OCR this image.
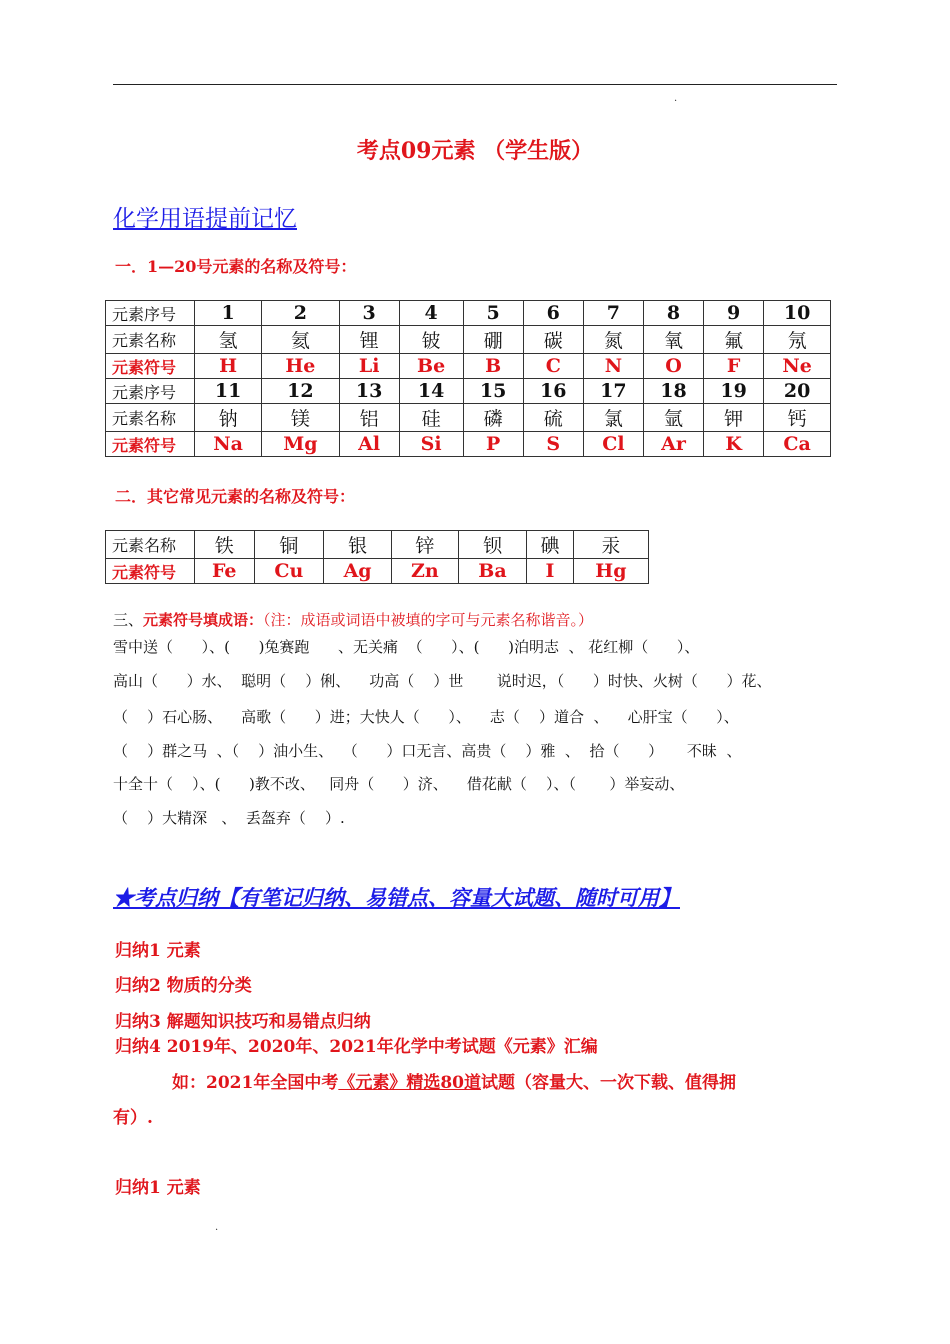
.
考点09元素 （学生版）
化学用语提前记忆
一．1—20号元素的名称及符号：
元素序号	1	2	3	4	5	6	7	8	9	10
元素名称	氢	氦	锂	铍	硼	碳	氮	氧	氟	氖
元素符号	H	He	Li	Be	B	C	N	O	F	Ne
元素序号	11	12	13	14	15	16	17	18	19	20
元素名称	钠	镁	铝	硅	磷	硫	氯	氩	钾	钙
元素符号	Na	Mg	Al	Si	P	S	Cl	Ar	K	Ca
二．其它常见元素的名称及符号：
元素名称	铁	铜	银	锌	钡	碘	汞
元素符号	Fe	Cu	Ag	Zn	Ba	I	Hg
三、元素符号填成语：（注：成语或词语中被填的字可与元素名称谐音。）
雪中送（      ）、(      )兔赛跑      、无关痛  （      ）、(      )泊明志  、 花红柳（      ）、
高山（      ）水、  聪明（    ）俐、    功高（    ）世       说时迟，（      ）时快、火树（      ）花、
（    ）石心肠、    高歌（      ）进；大快人（      ）、    志（    ）道合  、    心肝宝（      ）、
（    ）群之马  、（    ）油小生、  （      ）口无言、高贵（    ）雅  、  拾（      ）     不昧  、
十全十（    ）、(      )教不改、   同舟（      ）济、    借花献（    ）、（       ）举妄动、
（    ）大精深   、  丢盔弃（    ）.
★考点归纳【有笔记归纳、易错点、容量大试题、随时可用】
归纳1 元素
归纳2 物质的分类
归纳3 解题知识技巧和易错点归纳
归纳4 2019年、2020年、2021年化学中考试题《元素》汇编
如：2021年全国中考《元素》精选80道试题（容量大、一次下载、值得拥
有）.
归纳1 元素
.
